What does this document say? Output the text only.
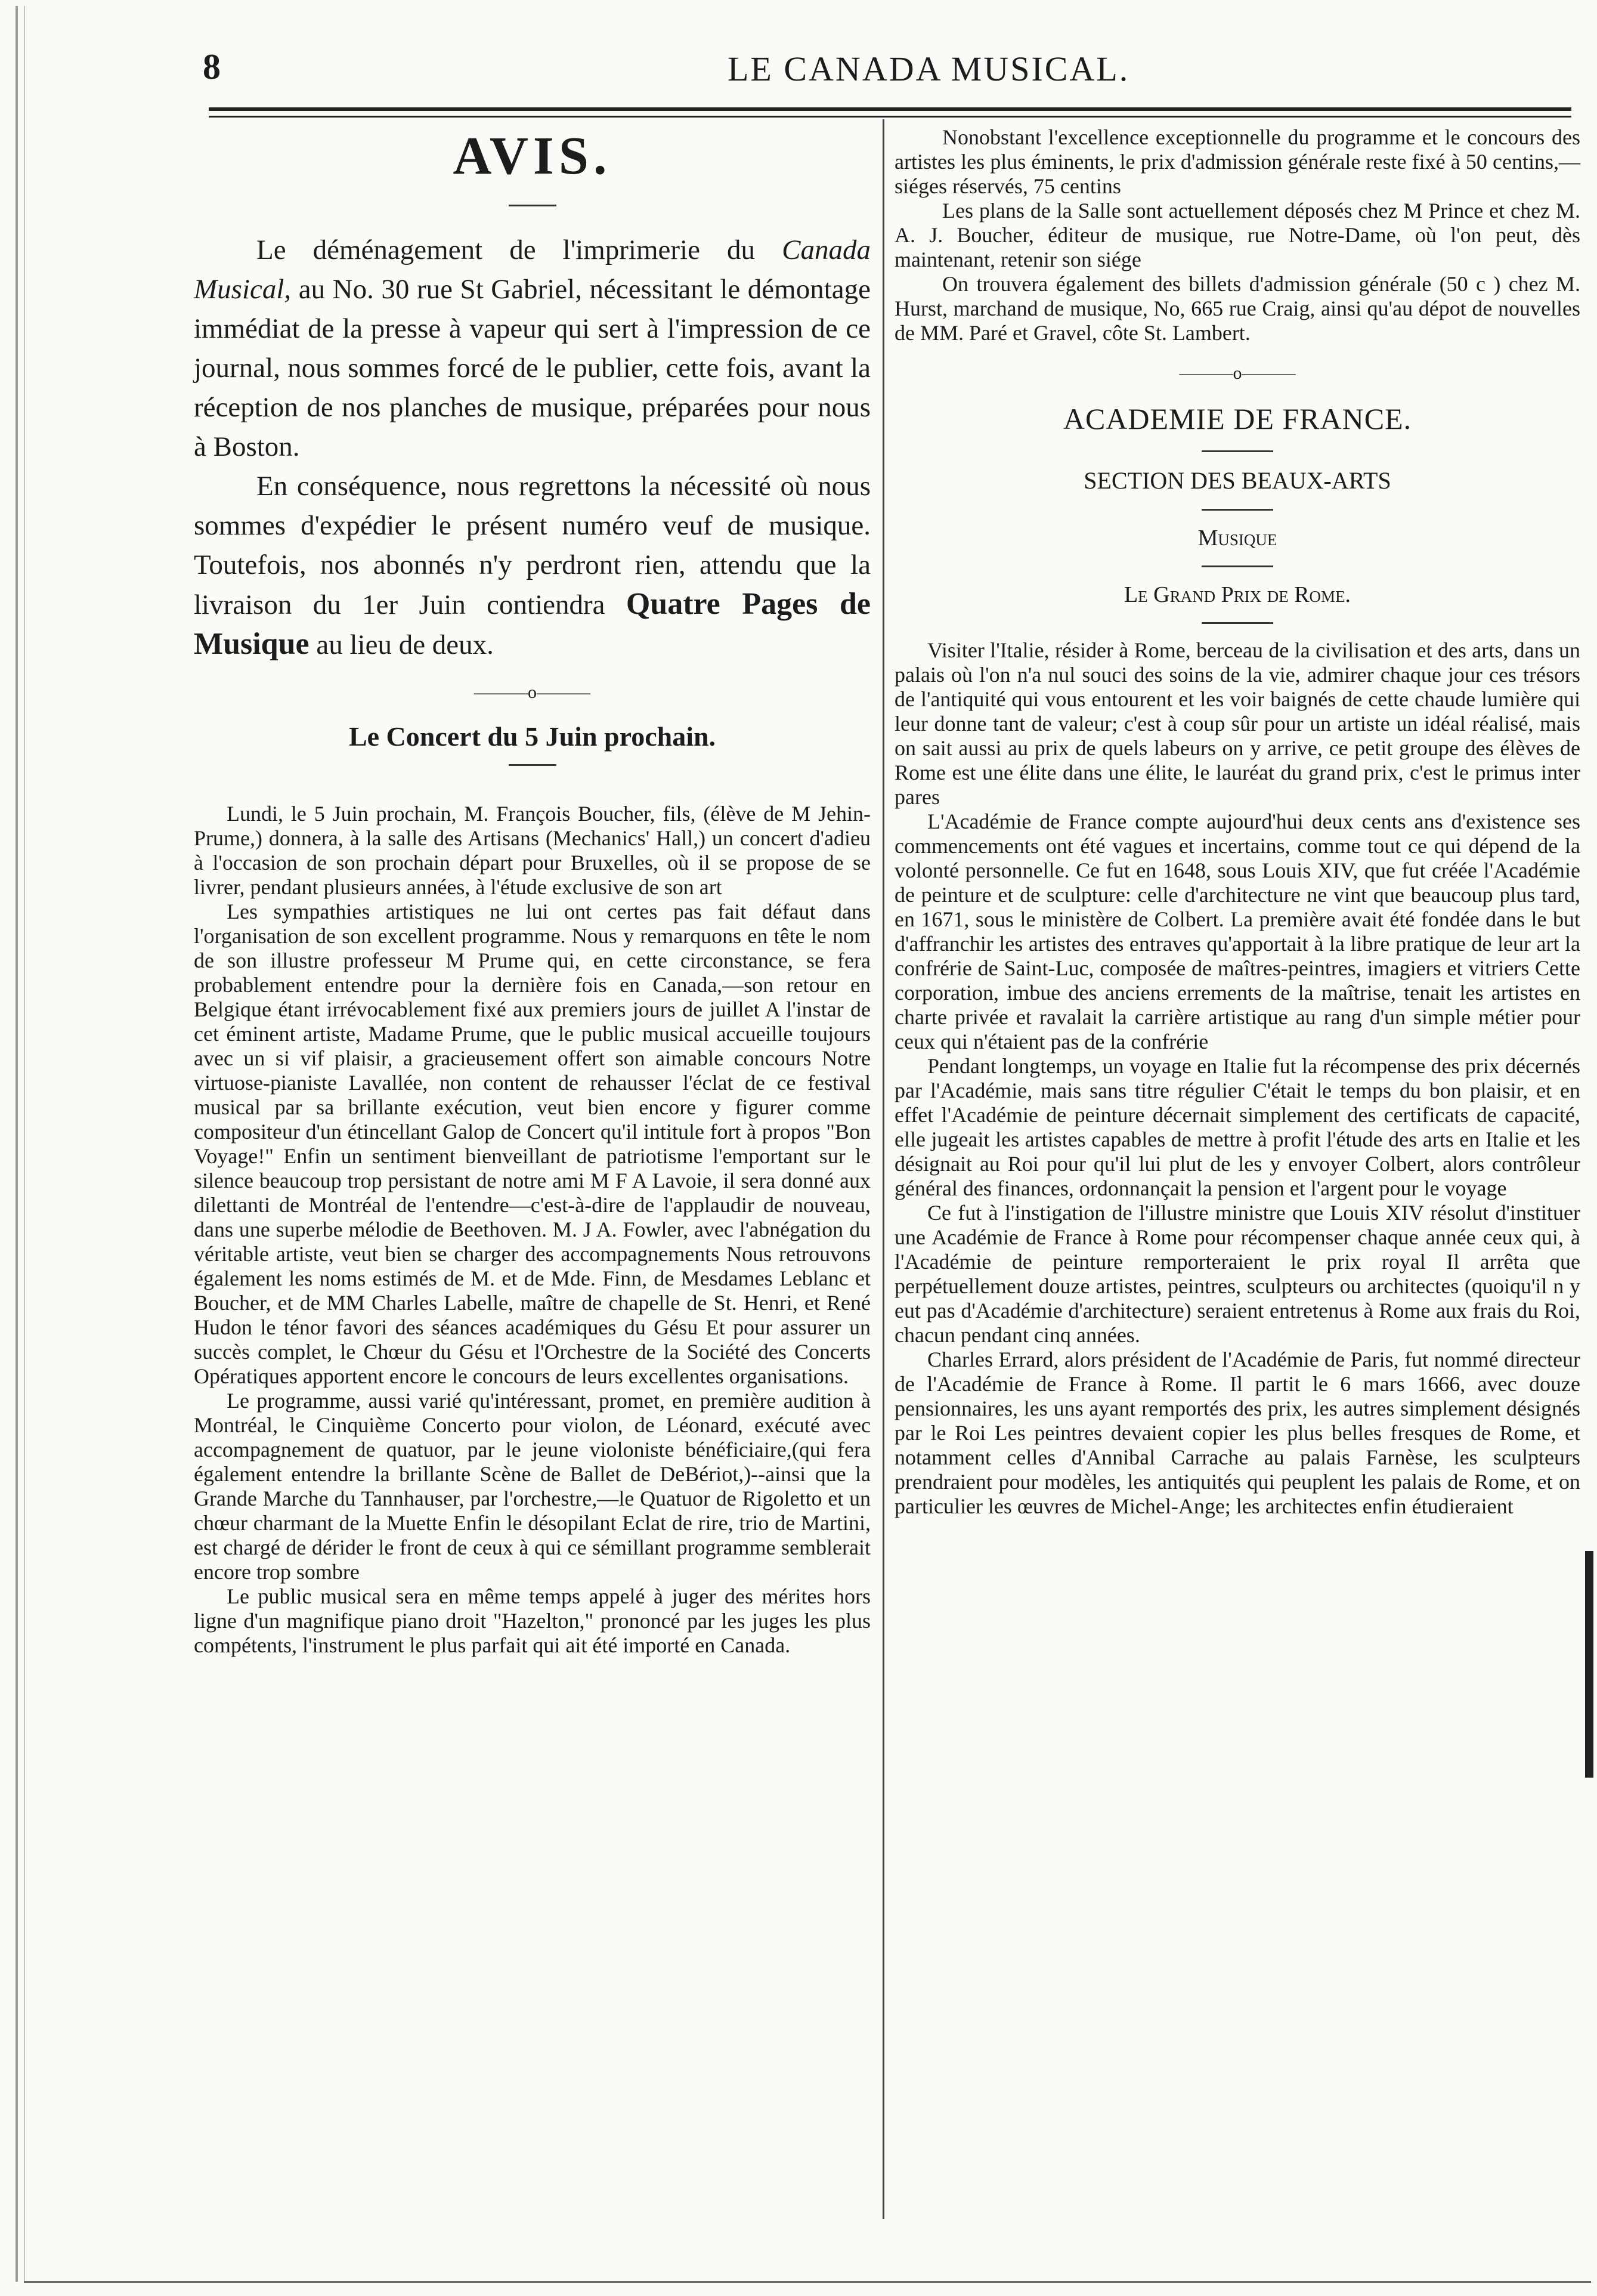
8	LE CANADA MUSICAL.
AVIS.

Le déménagement de l'imprimerie du Canada Musical, au No. 30 rue St Gabriel, nécessitant le démontage immédiat de la presse à vapeur qui sert à l'impression de ce journal, nous sommes forcé de le publier, cette fois, avant la réception de nos planches de musique, préparées pour nous à Boston.

En conséquence, nous regrettons la nécessité où nous sommes d'expédier le présent numéro veuf de musique. Toutefois, nos abonnés n'y perdront rien, attendu que la livraison du 1er Juin contiendra Quatre Pages de Musique au lieu de deux.

———o———
Le Concert du 5 Juin prochain.

Lundi, le 5 Juin prochain, M. François Boucher, fils, (élève de M Jehin-Prume,) donnera, à la salle des Artisans (Mechanics' Hall,) un concert d'adieu à l'occasion de son prochain départ pour Bruxelles, où il se propose de se livrer, pendant plusieurs années, à l'étude exclusive de son art

Les sympathies artistiques ne lui ont certes pas fait défaut dans l'organisation de son excellent programme. Nous y remarquons en tête le nom de son illustre professeur M Prume qui, en cette circonstance, se fera probablement entendre pour la dernière fois en Canada,—son retour en Belgique étant irrévocablement fixé aux premiers jours de juillet A l'instar de cet éminent artiste, Madame Prume, que le public musical accueille toujours avec un si vif plaisir, a gracieusement offert son aimable concours Notre virtuose-pianiste Lavallée, non content de rehausser l'éclat de ce festival musical par sa brillante exécution, veut bien encore y figurer comme compositeur d'un étincellant Galop de Concert qu'il intitule fort à propos "Bon Voyage!" Enfin un sentiment bienveillant de patriotisme l'emportant sur le silence beaucoup trop persistant de notre ami M F A Lavoie, il sera donné aux dilettanti de Montréal de l'entendre—c'est-à-dire de l'applaudir de nouveau, dans une superbe mélodie de Beethoven. M. J A. Fowler, avec l'abnégation du véritable artiste, veut bien se charger des accompagnements Nous retrouvons également les noms estimés de M. et de Mde. Finn, de Mesdames Leblanc et Boucher, et de MM Charles Labelle, maître de chapelle de St. Henri, et René Hudon le ténor favori des séances académiques du Gésu Et pour assurer un succès complet, le Chœur du Gésu et l'Orchestre de la Société des Concerts Opératiques apportent encore le concours de leurs excellentes organisations.

Le programme, aussi varié qu'intéressant, promet, en première audition à Montréal, le Cinquième Concerto pour violon, de Léonard, exécuté avec accompagnement de quatuor, par le jeune violoniste bénéficiaire,(qui fera également entendre la brillante Scène de Ballet de DeBériot,)--ainsi que la Grande Marche du Tannhauser, par l'orchestre,—le Quatuor de Rigoletto et un chœur charmant de la Muette Enfin le désopilant Eclat de rire, trio de Martini, est chargé de dérider le front de ceux à qui ce sémillant programme semblerait encore trop sombre

Le public musical sera en même temps appelé à juger des mérites hors ligne d'un magnifique piano droit "Hazelton," prononcé par les juges les plus compétents, l'instrument le plus parfait qui ait été importé en Canada.

Nonobstant l'excellence exceptionnelle du programme et le concours des artistes les plus éminents, le prix d'admission générale reste fixé à 50 centins,—siéges réservés, 75 centins

Les plans de la Salle sont actuellement déposés chez M Prince et chez M. A. J. Boucher, éditeur de musique, rue Notre-Dame, où l'on peut, dès maintenant, retenir son siége

On trouvera également des billets d'admission générale (50 c ) chez M. Hurst, marchand de musique, No, 665 rue Craig, ainsi qu'au dépot de nouvelles de MM. Paré et Gravel, côte St. Lambert.

———o———
ACADEMIE DE FRANCE.
SECTION DES BEAUX-ARTS
Musique
Le Grand Prix de Rome.

Visiter l'Italie, résider à Rome, berceau de la civilisation et des arts, dans un palais où l'on n'a nul souci des soins de la vie, admirer chaque jour ces trésors de l'antiquité qui vous entourent et les voir baignés de cette chaude lumière qui leur donne tant de valeur; c'est à coup sûr pour un artiste un idéal réalisé, mais on sait aussi au prix de quels labeurs on y arrive, ce petit groupe des élèves de Rome est une élite dans une élite, le lauréat du grand prix, c'est le primus inter pares

L'Académie de France compte aujourd'hui deux cents ans d'existence ses commencements ont été vagues et incertains, comme tout ce qui dépend de la volonté personnelle. Ce fut en 1648, sous Louis XIV, que fut créée l'Académie de peinture et de sculpture: celle d'architecture ne vint que beaucoup plus tard, en 1671, sous le ministère de Colbert. La première avait été fondée dans le but d'affranchir les artistes des entraves qu'apportait à la libre pratique de leur art la confrérie de Saint-Luc, composée de maîtres-peintres, imagiers et vitriers Cette corporation, imbue des anciens errements de la maîtrise, tenait les artistes en charte privée et ravalait la carrière artistique au rang d'un simple métier pour ceux qui n'étaient pas de la confrérie

Pendant longtemps, un voyage en Italie fut la récompense des prix décernés par l'Académie, mais sans titre régulier C'était le temps du bon plaisir, et en effet l'Académie de peinture décernait simplement des certificats de capacité, elle jugeait les artistes capables de mettre à profit l'étude des arts en Italie et les désignait au Roi pour qu'il lui plut de les y envoyer Colbert, alors contrôleur général des finances, ordonnançait la pension et l'argent pour le voyage

Ce fut à l'instigation de l'illustre ministre que Louis XIV résolut d'instituer une Académie de France à Rome pour récompenser chaque année ceux qui, à l'Académie de peinture remporteraient le prix royal Il arrêta que perpétuellement douze artistes, peintres, sculpteurs ou architectes (quoiqu'il n y eut pas d'Académie d'architecture) seraient entretenus à Rome aux frais du Roi, chacun pendant cinq années.

Charles Errard, alors président de l'Académie de Paris, fut nommé directeur de l'Académie de France à Rome. Il partit le 6 mars 1666, avec douze pensionnaires, les uns ayant remportés des prix, les autres simplement désignés par le Roi Les peintres devaient copier les plus belles fresques de Rome, et notamment celles d'Annibal Carrache au palais Farnèse, les sculpteurs prendraient pour modèles, les antiquités qui peuplent les palais de Rome, et on particulier les œuvres de Michel-Ange; les architectes enfin étudieraient
